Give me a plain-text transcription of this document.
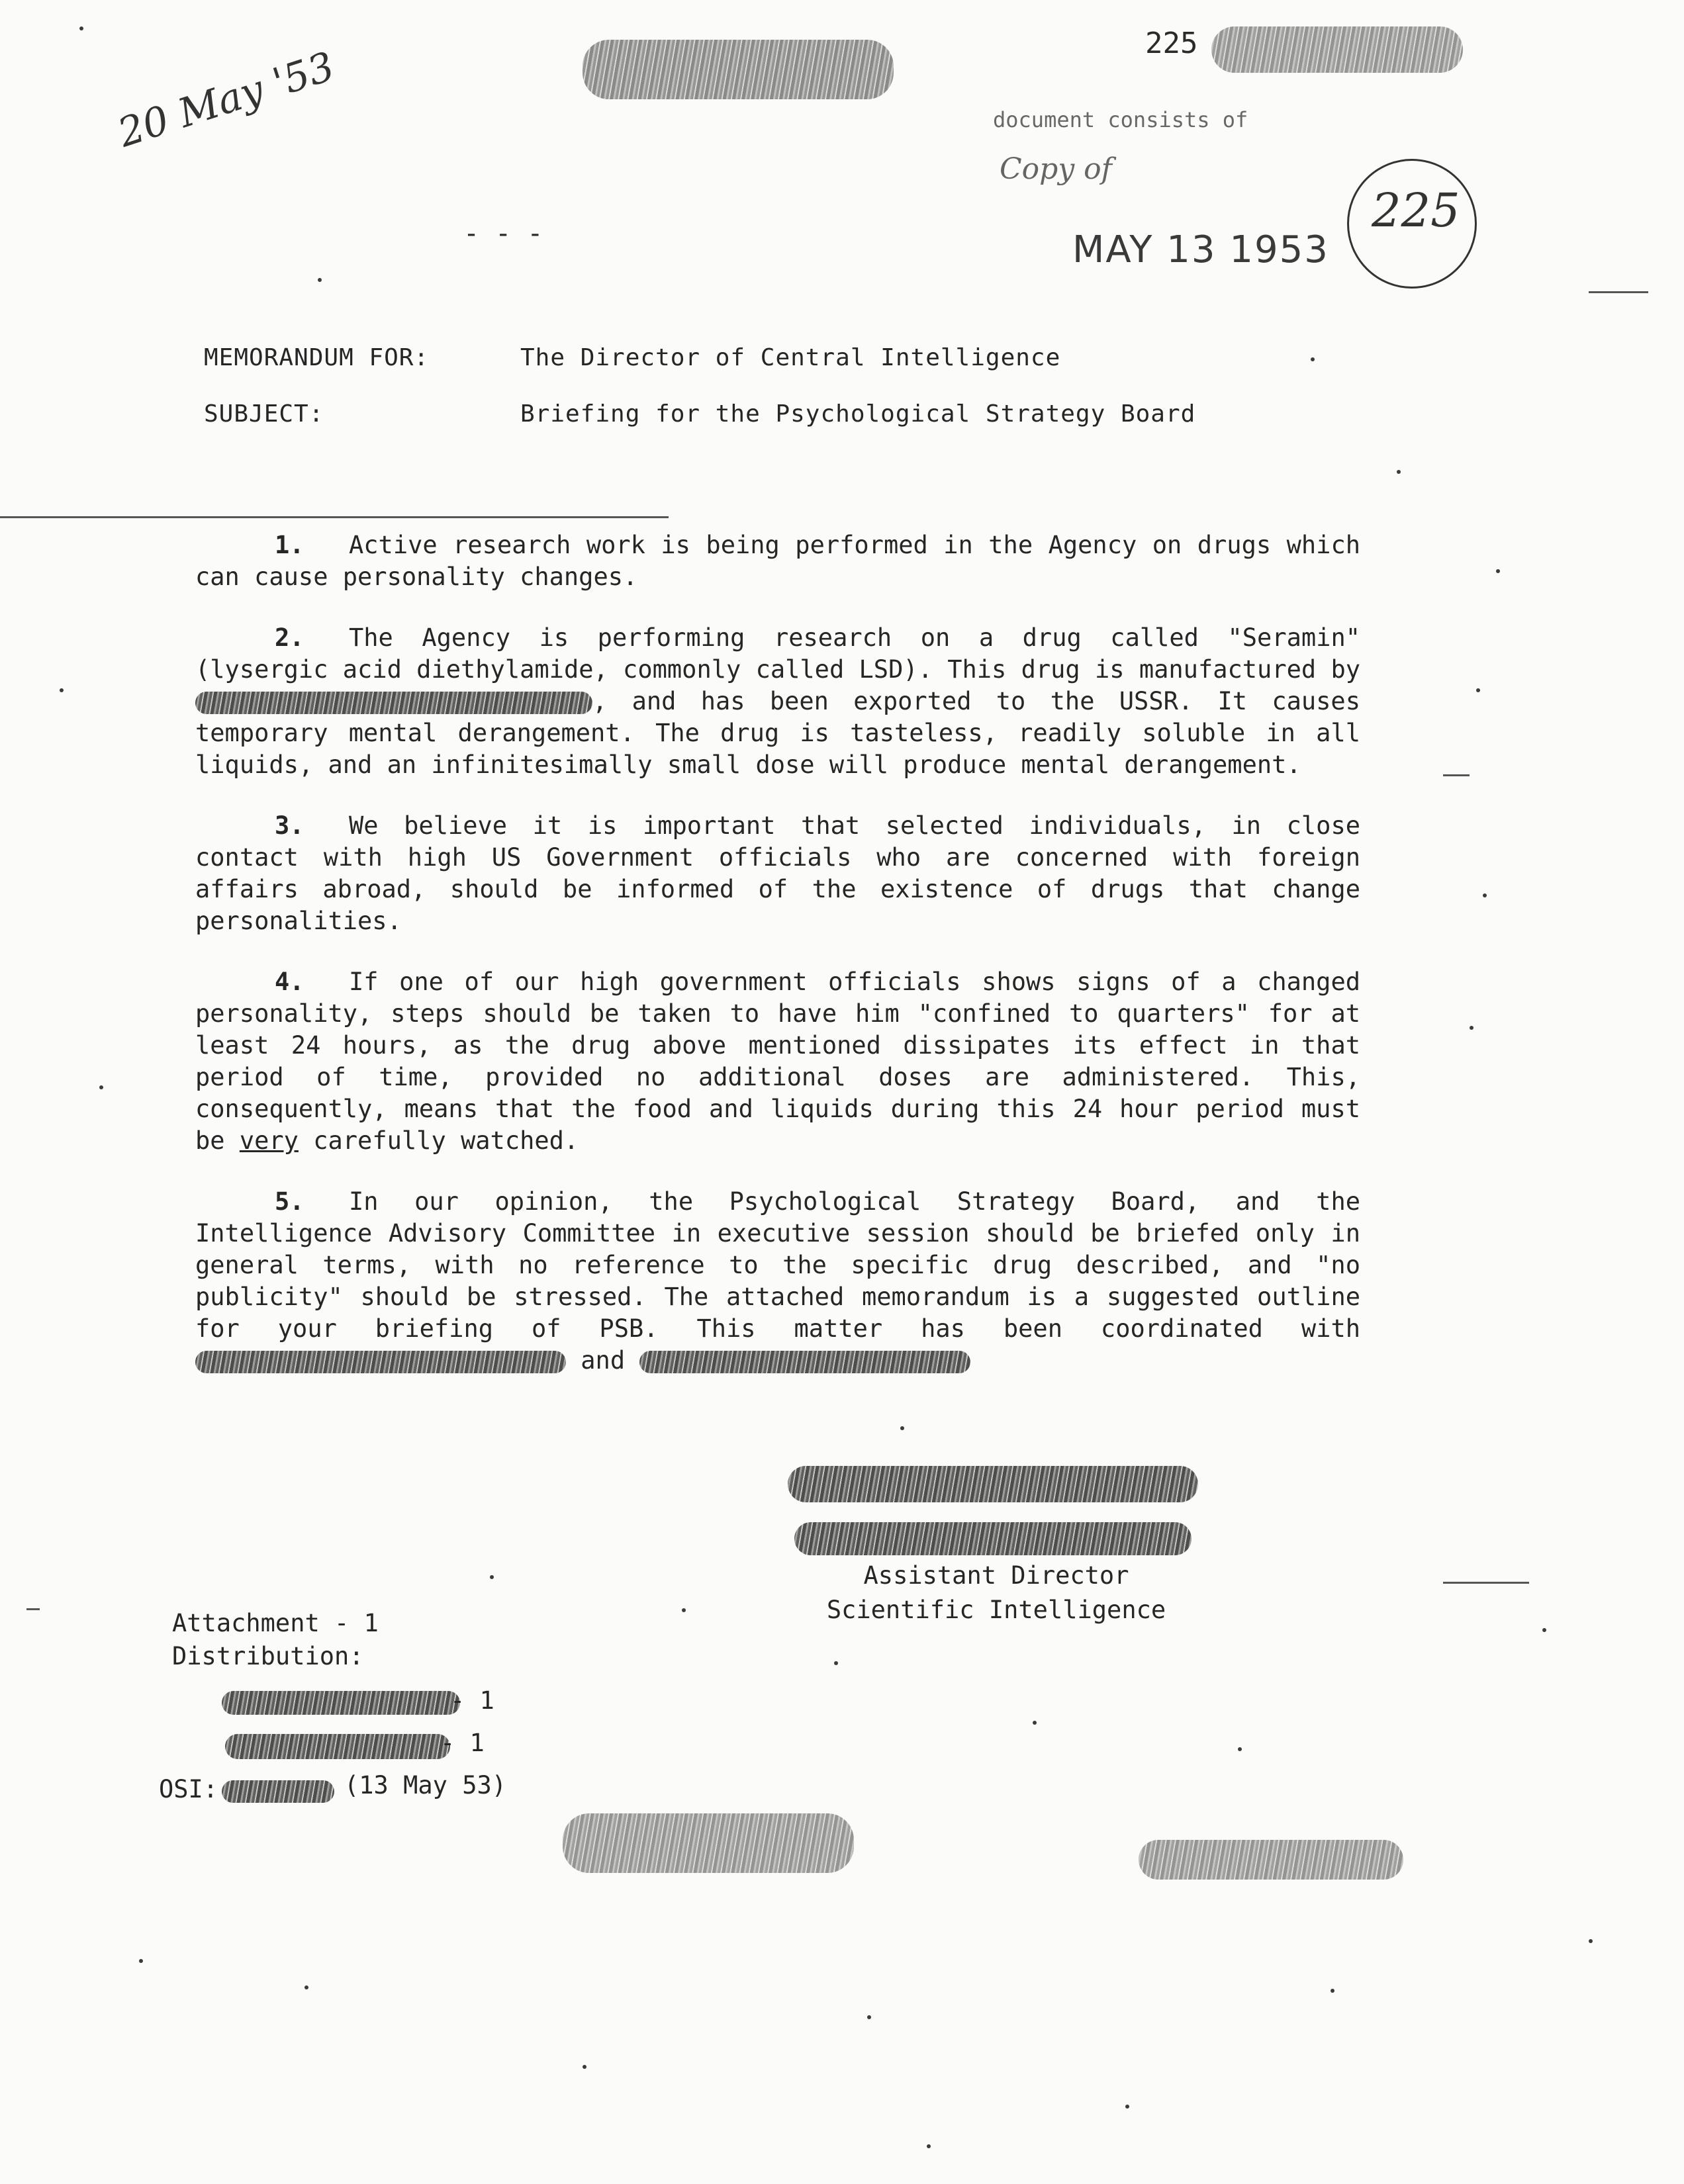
20 May '53	225
document consists of
Copy of
225
- - -	MAY 13 1953
MEMORANDUM FOR:	The Director of Central Intelligence
SUBJECT:	Briefing for the Psychological Strategy Board

1. Active research work is being performed in the Agency on drugs which can cause personality changes.

2. The Agency is performing research on a drug called "Seramin" (lysergic acid diethylamide, commonly called LSD). This drug is manufactured by , and has been exported to the USSR. It causes temporary mental derangement. The drug is tasteless, readily soluble in all liquids, and an infinitesimally small dose will produce mental derangement.

3. We believe it is important that selected individuals, in close contact with high US Government officials who are concerned with foreign affairs abroad, should be informed of the existence of drugs that change personalities.

4. If one of our high government officials shows signs of a changed personality, steps should be taken to have him "confined to quarters" for at least 24 hours, as the drug above mentioned dissipates its effect in that period of time, provided no additional doses are administered. This, consequently, means that the food and liquids during this 24 hour period must be very carefully watched.

5. In our opinion, the Psychological Strategy Board, and the Intelligence Advisory Committee in executive session should be briefed only in general terms, with no reference to the specific drug described, and "no publicity" should be stressed. The attached memorandum is a suggested outline for your briefing of PSB. This matter has been coordinated with  and

Assistant Director
Scientific Intelligence
Attachment - 1
Distribution:
- 1
- 1
OSI:	(13 May 53)
